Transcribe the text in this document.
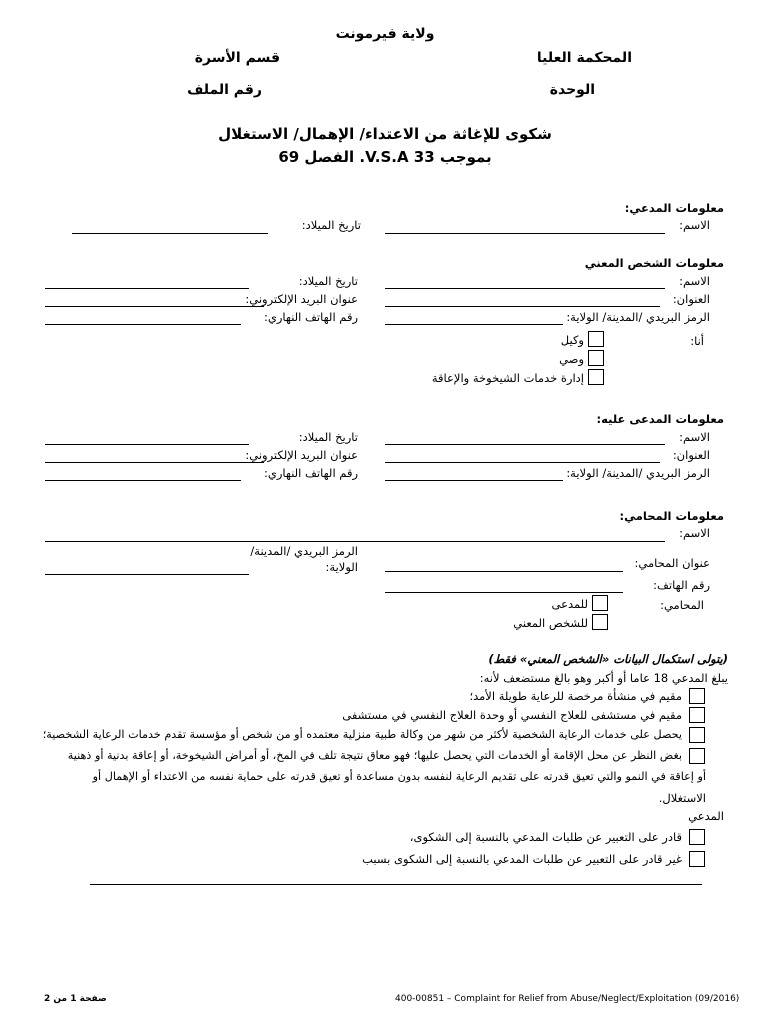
ولاية فيرمونت
المحكمة العليا
قسم الأسرة
الوحدة
رقم الملف
شكوى للإغاثة من الاعتداء/ الإهمال/ الاستغلال
بموجب 33 V.S.A. الفصل 69
معلومات المدعي:
الاسم:
تاريخ الميلاد:
معلومات الشخص المعني
الاسم:
العنوان:
الرمز البريدي /المدينة/ الولاية:
تاريخ الميلاد:
عنوان البريد الإلكتروني:
رقم الهاتف النهاري:
أنا:
وكيل
وصي
إدارة خدمات الشيخوخة والإعاقة
معلومات المدعى عليه:
الاسم:
العنوان:
الرمز البريدي /المدينة/ الولاية:
تاريخ الميلاد:
عنوان البريد الإلكتروني:
رقم الهاتف النهاري:
معلومات المحامي:
الاسم:
الرمز البريدي /المدينة/
الولاية:	عنوان المحامي:
رقم الهاتف:
المحامي:
للمدعى
للشخص المعني
(يتولى استكمال البيانات «الشخص المعني» فقط)
يبلغ المدعي 18 عاما أو أكبر وهو بالغ مستضعف لأنه:
مقيم في منشأة مرخصة للرعاية طويلة الأمد؛
مقيم في مستشفى للعلاج النفسي أو وحدة العلاج النفسي في مستشفى
يحصل على خدمات الرعاية الشخصية لأكثر من شهر من وكالة طبية منزلية معتمده أو من شخص أو مؤسسة تقدم خدمات الرعاية الشخصية؛
بغض النظر عن محل الإقامة أو الخدمات التي يحصل عليها؛ فهو معاق نتيجة تلف في المخ، أو أمراض الشيخوخة، أو إعاقة بدنية أو ذهنية
أو إعاقة في النمو والتي تعيق قدرته على تقديم الرعاية لنفسه بدون مساعدة أو تعيق قدرته على حماية نفسه من الاعتداء أو الإهمال أو
الاستغلال.
المدعي
قادر على التعبير عن طلبات المدعي بالنسبة إلى الشكوى،
غير قادر على التعبير عن طلبات المدعي بالنسبة إلى الشكوى بسبب
400-00851 – Complaint for Relief from Abuse/Neglect/Exploitation (09/2016)
صفحة 1 من 2
